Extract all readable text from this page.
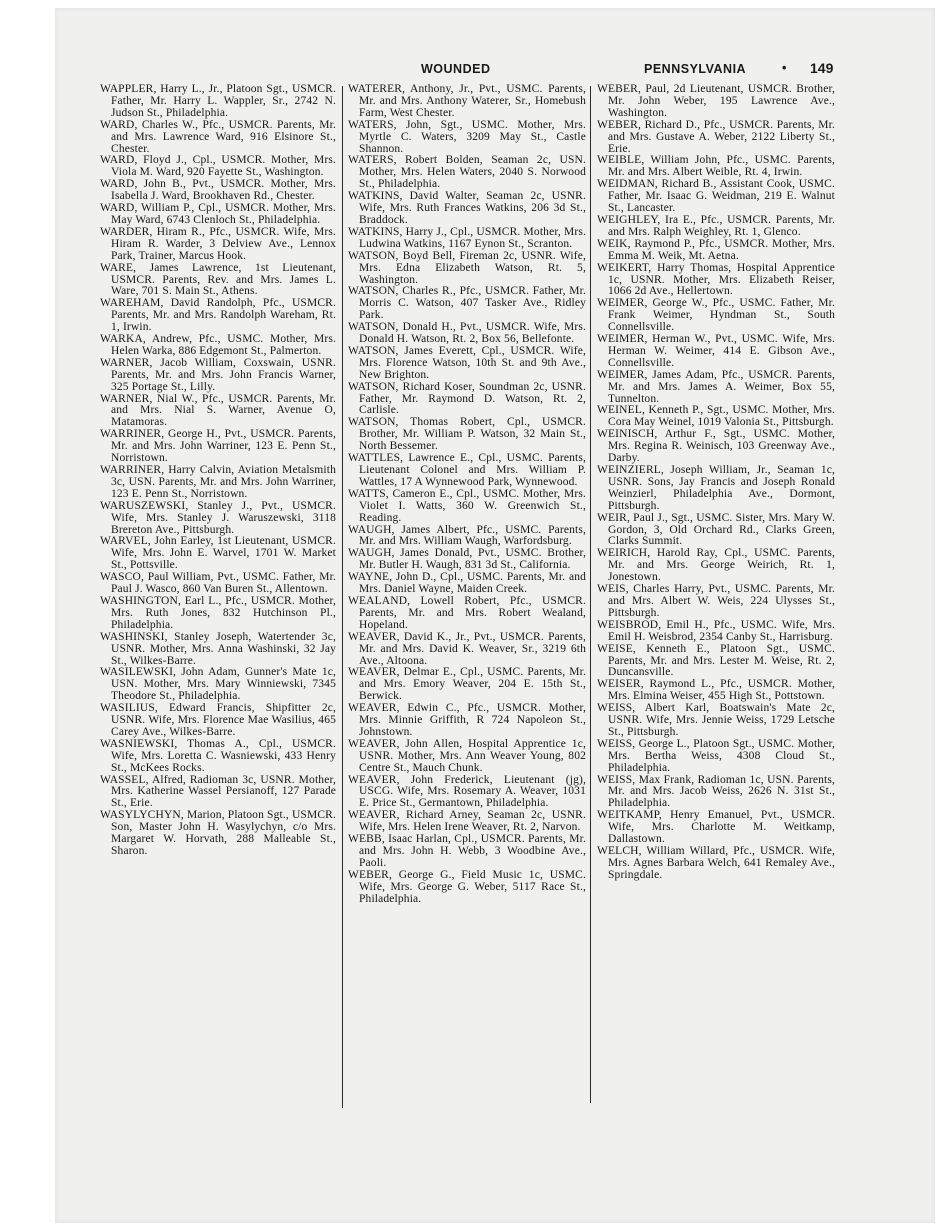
WOUNDED	PENNSYLVANIA	• 149

WAPPLER, Harry L., Jr., Platoon Sgt., USMCR. Father, Mr. Harry L. Wappler, Sr., 2742 N. Judson St., Philadelphia.

WARD, Charles W., Pfc., USMCR. Parents, Mr. and Mrs. Lawrence Ward, 916 Elsinore St., Chester.

WARD, Floyd J., Cpl., USMCR. Mother, Mrs. Viola M. Ward, 920 Fayette St., Washington.

WARD, John B., Pvt., USMCR. Mother, Mrs. Isabella J. Ward, Brookhaven Rd., Chester.

WARD, William P., Cpl., USMCR. Mother, Mrs. May Ward, 6743 Clenloch St., Philadelphia.

WARDER, Hiram R., Pfc., USMCR. Wife, Mrs. Hiram R. Warder, 3 Delview Ave., Lennox Park, Trainer, Marcus Hook.

WARE, James Lawrence, 1st Lieutenant, USMCR. Parents, Rev. and Mrs. James L. Ware, 701 S. Main St., Athens.

WAREHAM, David Randolph, Pfc., USMCR. Parents, Mr. and Mrs. Randolph Wareham, Rt. 1, Irwin.

WARKA, Andrew, Pfc., USMC. Mother, Mrs. Helen Warka, 886 Edgemont St., Palmerton.

WARNER, Jacob William, Coxswain, USNR. Parents, Mr. and Mrs. John Francis Warner, 325 Portage St., Lilly.

WARNER, Nial W., Pfc., USMCR. Parents, Mr. and Mrs. Nial S. Warner, Avenue O, Matamoras.

WARRINER, George H., Pvt., USMCR. Parents, Mr. and Mrs. John Warriner, 123 E. Penn St., Norristown.

WARRINER, Harry Calvin, Aviation Metalsmith 3c, USN. Parents, Mr. and Mrs. John Warriner, 123 E. Penn St., Norristown.

WARUSZEWSKI, Stanley J., Pvt., USMCR. Wife, Mrs. Stanley J. Waruszewski, 3118 Brereton Ave., Pittsburgh.

WARVEL, John Earley, 1st Lieutenant, USMCR. Wife, Mrs. John E. Warvel, 1701 W. Market St., Pottsville.

WASCO, Paul William, Pvt., USMC. Father, Mr. Paul J. Wasco, 860 Van Buren St., Allentown.

WASHINGTON, Earl L., Pfc., USMCR. Mother, Mrs. Ruth Jones, 832 Hutchinson Pl., Philadelphia.

WASHINSKI, Stanley Joseph, Watertender 3c, USNR. Mother, Mrs. Anna Washinski, 32 Jay St., Wilkes-Barre.

WASILEWSKI, John Adam, Gunner's Mate 1c, USN. Mother, Mrs. Mary Winniewski, 7345 Theodore St., Philadelphia.

WASILIUS, Edward Francis, Shipfitter 2c, USNR. Wife, Mrs. Florence Mae Wasilius, 465 Carey Ave., Wilkes-Barre.

WASNIEWSKI, Thomas A., Cpl., USMCR. Wife, Mrs. Loretta C. Wasniewski, 433 Henry St., McKees Rocks.

WASSEL, Alfred, Radioman 3c, USNR. Mother, Mrs. Katherine Wassel Persianoff, 127 Parade St., Erie.

WASYLYCHYN, Marion, Platoon Sgt., USMCR. Son, Master John H. Wasylychyn, c/o Mrs. Margaret W. Horvath, 288 Malleable St., Sharon.

WATERER, Anthony, Jr., Pvt., USMC. Parents, Mr. and Mrs. Anthony Waterer, Sr., Homebush Farm, West Chester.

WATERS, John, Sgt., USMC. Mother, Mrs. Myrtle C. Waters, 3209 May St., Castle Shannon.

WATERS, Robert Bolden, Seaman 2c, USN. Mother, Mrs. Helen Waters, 2040 S. Norwood St., Philadelphia.

WATKINS, David Walter, Seaman 2c, USNR. Wife, Mrs. Ruth Frances Watkins, 206 3d St., Braddock.

WATKINS, Harry J., Cpl., USMCR. Mother, Mrs. Ludwina Watkins, 1167 Eynon St., Scranton.

WATSON, Boyd Bell, Fireman 2c, USNR. Wife, Mrs. Edna Elizabeth Watson, Rt. 5, Washington.

WATSON, Charles R., Pfc., USMCR. Father, Mr. Morris C. Watson, 407 Tasker Ave., Ridley Park.

WATSON, Donald H., Pvt., USMCR. Wife, Mrs. Donald H. Watson, Rt. 2, Box 56, Bellefonte.

WATSON, James Everett, Cpl., USMCR. Wife, Mrs. Florence Watson, 10th St. and 9th Ave., New Brighton.

WATSON, Richard Koser, Soundman 2c, USNR. Father, Mr. Raymond D. Watson, Rt. 2, Carlisle.

WATSON, Thomas Robert, Cpl., USMCR. Brother, Mr. William P. Watson, 32 Main St., North Bessemer.

WATTLES, Lawrence E., Cpl., USMC. Parents, Lieutenant Colonel and Mrs. William P. Wattles, 17 A Wynnewood Park, Wynnewood.

WATTS, Cameron E., Cpl., USMC. Mother, Mrs. Violet I. Watts, 360 W. Greenwich St., Reading.

WAUGH, James Albert, Pfc., USMC. Parents, Mr. and Mrs. William Waugh, Warfordsburg.

WAUGH, James Donald, Pvt., USMC. Brother, Mr. Butler H. Waugh, 831 3d St., California.

WAYNE, John D., Cpl., USMC. Parents, Mr. and Mrs. Daniel Wayne, Maiden Creek.

WEALAND, Lowell Robert, Pfc., USMCR. Parents, Mr. and Mrs. Robert Wealand, Hopeland.

WEAVER, David K., Jr., Pvt., USMCR. Parents, Mr. and Mrs. David K. Weaver, Sr., 3219 6th Ave., Altoona.

WEAVER, Delmar E., Cpl., USMC. Parents, Mr. and Mrs. Emory Weaver, 204 E. 15th St., Berwick.

WEAVER, Edwin C., Pfc., USMCR. Mother, Mrs. Minnie Griffith, R 724 Napoleon St., Johnstown.

WEAVER, John Allen, Hospital Apprentice 1c, USNR. Mother, Mrs. Ann Weaver Young, 802 Centre St., Mauch Chunk.

WEAVER, John Frederick, Lieutenant (jg), USCG. Wife, Mrs. Rosemary A. Weaver, 1031 E. Price St., Germantown, Philadelphia.

WEAVER, Richard Arney, Seaman 2c, USNR. Wife, Mrs. Helen Irene Weaver, Rt. 2, Narvon.

WEBB, Isaac Harlan, Cpl., USMCR. Parents, Mr. and Mrs. John H. Webb, 3 Woodbine Ave., Paoli.

WEBER, George G., Field Music 1c, USMC. Wife, Mrs. George G. Weber, 5117 Race St., Philadelphia.

WEBER, Paul, 2d Lieutenant, USMCR. Brother, Mr. John Weber, 195 Lawrence Ave., Washington.

WEBER, Richard D., Pfc., USMCR. Parents, Mr. and Mrs. Gustave A. Weber, 2122 Liberty St., Erie.

WEIBLE, William John, Pfc., USMC. Parents, Mr. and Mrs. Albert Weible, Rt. 4, Irwin.

WEIDMAN, Richard B., Assistant Cook, USMC. Father, Mr. Isaac G. Weidman, 219 E. Walnut St., Lancaster.

WEIGHLEY, Ira E., Pfc., USMCR. Parents, Mr. and Mrs. Ralph Weighley, Rt. 1, Glenco.

WEIK, Raymond P., Pfc., USMCR. Mother, Mrs. Emma M. Weik, Mt. Aetna.

WEIKERT, Harry Thomas, Hospital Apprentice 1c, USNR. Mother, Mrs. Elizabeth Reiser, 1066 2d Ave., Hellertown.

WEIMER, George W., Pfc., USMC. Father, Mr. Frank Weimer, Hyndman St., South Connellsville.

WEIMER, Herman W., Pvt., USMC. Wife, Mrs. Herman W. Weimer, 414 E. Gibson Ave., Connellsville.

WEIMER, James Adam, Pfc., USMCR. Parents, Mr. and Mrs. James A. Weimer, Box 55, Tunnelton.

WEINEL, Kenneth P., Sgt., USMC. Mother, Mrs. Cora May Weinel, 1019 Valonia St., Pittsburgh.

WEINISCH, Arthur F., Sgt., USMC. Mother, Mrs. Regina R. Weinisch, 103 Greenway Ave., Darby.

WEINZIERL, Joseph William, Jr., Seaman 1c, USNR. Sons, Jay Francis and Joseph Ronald Weinzierl, Philadelphia Ave., Dormont, Pittsburgh.

WEIR, Paul J., Sgt., USMC. Sister, Mrs. Mary W. Gordon, 3, Old Orchard Rd., Clarks Green, Clarks Summit.

WEIRICH, Harold Ray, Cpl., USMC. Parents, Mr. and Mrs. George Weirich, Rt. 1, Jonestown.

WEIS, Charles Harry, Pvt., USMC. Parents, Mr. and Mrs. Albert W. Weis, 224 Ulysses St., Pittsburgh.

WEISBROD, Emil H., Pfc., USMC. Wife, Mrs. Emil H. Weisbrod, 2354 Canby St., Harrisburg.

WEISE, Kenneth E., Platoon Sgt., USMC. Parents, Mr. and Mrs. Lester M. Weise, Rt. 2, Duncansville.

WEISER, Raymond L., Pfc., USMCR. Mother, Mrs. Elmina Weiser, 455 High St., Pottstown.

WEISS, Albert Karl, Boatswain's Mate 2c, USNR. Wife, Mrs. Jennie Weiss, 1729 Letsche St., Pittsburgh.

WEISS, George L., Platoon Sgt., USMC. Mother, Mrs. Bertha Weiss, 4308 Cloud St., Philadelphia.

WEISS, Max Frank, Radioman 1c, USN. Parents, Mr. and Mrs. Jacob Weiss, 2626 N. 31st St., Philadelphia.

WEITKAMP, Henry Emanuel, Pvt., USMCR. Wife, Mrs. Charlotte M. Weitkamp, Dallastown.

WELCH, William Willard, Pfc., USMCR. Wife, Mrs. Agnes Barbara Welch, 641 Remaley Ave., Springdale.
